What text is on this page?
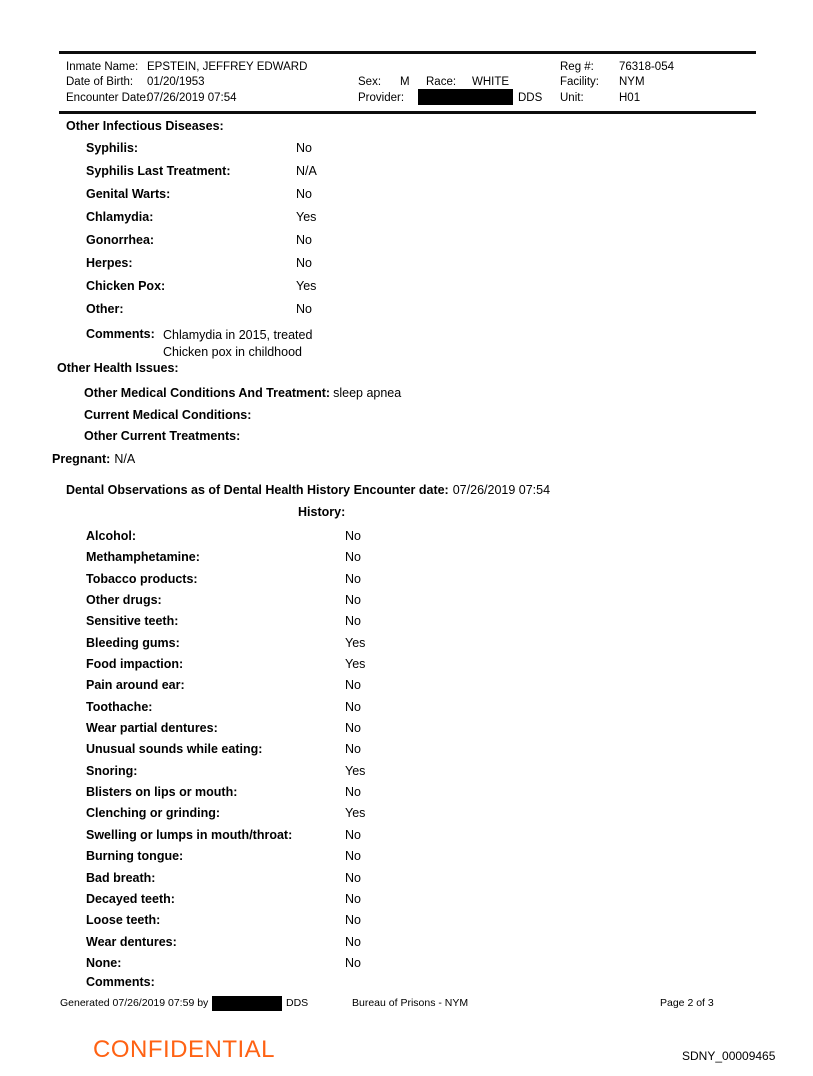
Inmate Name: EPSTEIN, JEFFREY EDWARD
Date of Birth: 01/20/1953
Encounter Date:07/26/2019 07:54
Sex: M Race: WHITE
Provider:	DDS
Reg #: 76318-054
Facility: NYM
Unit:	H01
Other Infectious Diseases:
Syphilis:	No
Syphilis Last Treatment:	N/A
Genital Warts:	No
Chlamydia:	Yes
Gonorrhea:	No
Herpes:	No
Chicken Pox:	Yes
Other:	No
Comments: Chlamydia in 2015, treated
Chicken pox in childhood
Other Health Issues:
Other Medical Conditions And Treatment: sleep apnea
Current Medical Conditions:
Other Current Treatments:
Pregnant: N/A
Dental Observations as of Dental Health History Encounter date: 07/26/2019 07:54
History:
Alcohol:	No
Methamphetamine:	No
Tobacco products:	No
Other drugs:	No
Sensitive teeth:	No
Bleeding gums:	Yes
Food impaction:	Yes
Pain around ear:	No
Toothache:	No
Wear partial dentures:	No
Unusual sounds while eating:	No
Snoring:	Yes
Blisters on lips or mouth:	No
Clenching or grinding:	Yes
Swelling or lumps in mouth/throat:	No
Burning tongue:	No
Bad breath:	No
Decayed teeth:	No
Loose teeth:	No
Wear dentures:	No
None:	No
Comments:
Generated 07/26/2019 07:59 by	DDS	Bureau of Prisons - NYM	Page 2 of 3
CONFIDENTIAL	SDNY_00009465
